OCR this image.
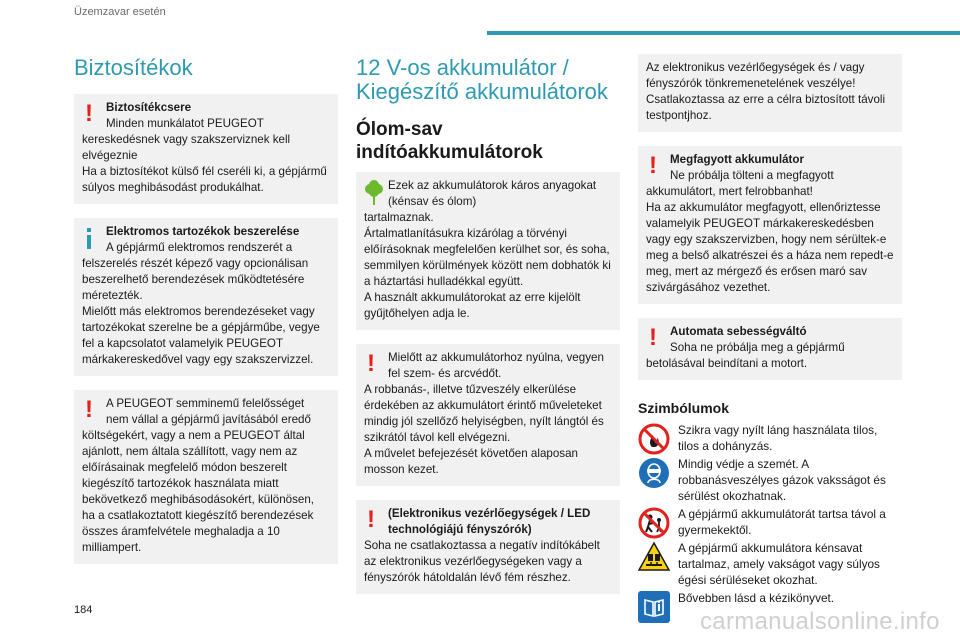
Üzemzavar esetén
Biztosítékok
!	Biztosítékcsere
Minden munkálatot PEUGEOT
kereskedésnek vagy szakszerviznek kell elvégeznie
Ha a biztosítékot külső fél cseréli ki, a gépjármű súlyos meghibásodást produkálhat.
Elektromos tartozékok beszerelése
A gépjármű elektromos rendszerét a
felszerelés részét képező vagy opcionálisan beszerelhető berendezések működtetésére méretezték.
Mielőtt más elektromos berendezéseket vagy tartozékokat szerelne be a gépjárműbe, vegye fel a kapcsolatot valamelyik PEUGEOT márkakereskedővel vagy egy szakszervizzel.
!	A PEUGEOT semminemű felelősséget nem vállal a gépjármű javításából eredő
költségekért, vagy a nem a PEUGEOT által ajánlott, nem általa szállított, vagy nem az előírásainak megfelelő módon beszerelt kiegészítő tartozékok használata miatt bekövetkező meghibásodásokért, különösen, ha a csatlakoztatott kiegészítő berendezések összes áramfelvétele meghaladja a 10 milliampert.
12 V-os akkumulátor / Kiegészítő akkumulátorok
Ólom-sav indítóakkumulátorok
Ezek az akkumulátorok káros anyagokat (kénsav és ólom)
tartalmaznak.
Ártalmatlanításukra kizárólag a törvényi előírásoknak megfelelően kerülhet sor, és soha, semmilyen körülmények között nem dobhatók ki a háztartási hulladékkal együtt.
A használt akkumulátorokat az erre kijelölt gyűjtőhelyen adja le.
!	Mielőtt az akkumulátorhoz nyúlna, vegyen fel szem- és arcvédőt.
A robbanás-, illetve tűzveszély elkerülése érdekében az akkumulátort érintő műveleteket mindig jól szellőző helyiségben, nyílt lángtól és szikrától távol kell elvégezni.
A művelet befejezését követően alaposan mosson kezet.
!	(Elektronikus vezérlőegységek / LED technológiájú fényszórók)
Soha ne csatlakoztassa a negatív indítókábelt az elektronikus vezérlőegységeken vagy a fényszórók hátoldalán lévő fém részhez.
Az elektronikus vezérlőegységek és / vagy fényszórók tönkremenetelének veszélye!
Csatlakoztassa az erre a célra biztosított távoli testpontjhoz.
!	Megfagyott akkumulátor
Ne próbálja tölteni a megfagyott
akkumulátort, mert felrobbanhat!
Ha az akkumulátor megfagyott, ellenőriztesse valamelyik PEUGEOT márkakereskedésben vagy egy szakszervizben, hogy nem sérültek-e meg a belső alkatrészei és a háza nem repedt-e meg, mert az mérgező és erősen maró sav szivárgásához vezethet.
!	Automata sebességváltó
Soha ne próbálja meg a gépjármű
betolásával beindítani a motort.
Szimbólumok
Szikra vagy nyílt láng használata tilos,
tilos a dohányzás.
Mindig védje a szemét. A
robbanásveszélyes gázok vaksságot és sérülést okozhatnak.
A gépjármű akkumulátorát tartsa távol a
gyermekektől.
A gépjármű akkumulátora kénsavat
tartalmaz, amely vakságot vagy súlyos égési sérüléseket okozhat.
Bővebben lásd a kézikönyvet.
184	carmanualsonline.info
